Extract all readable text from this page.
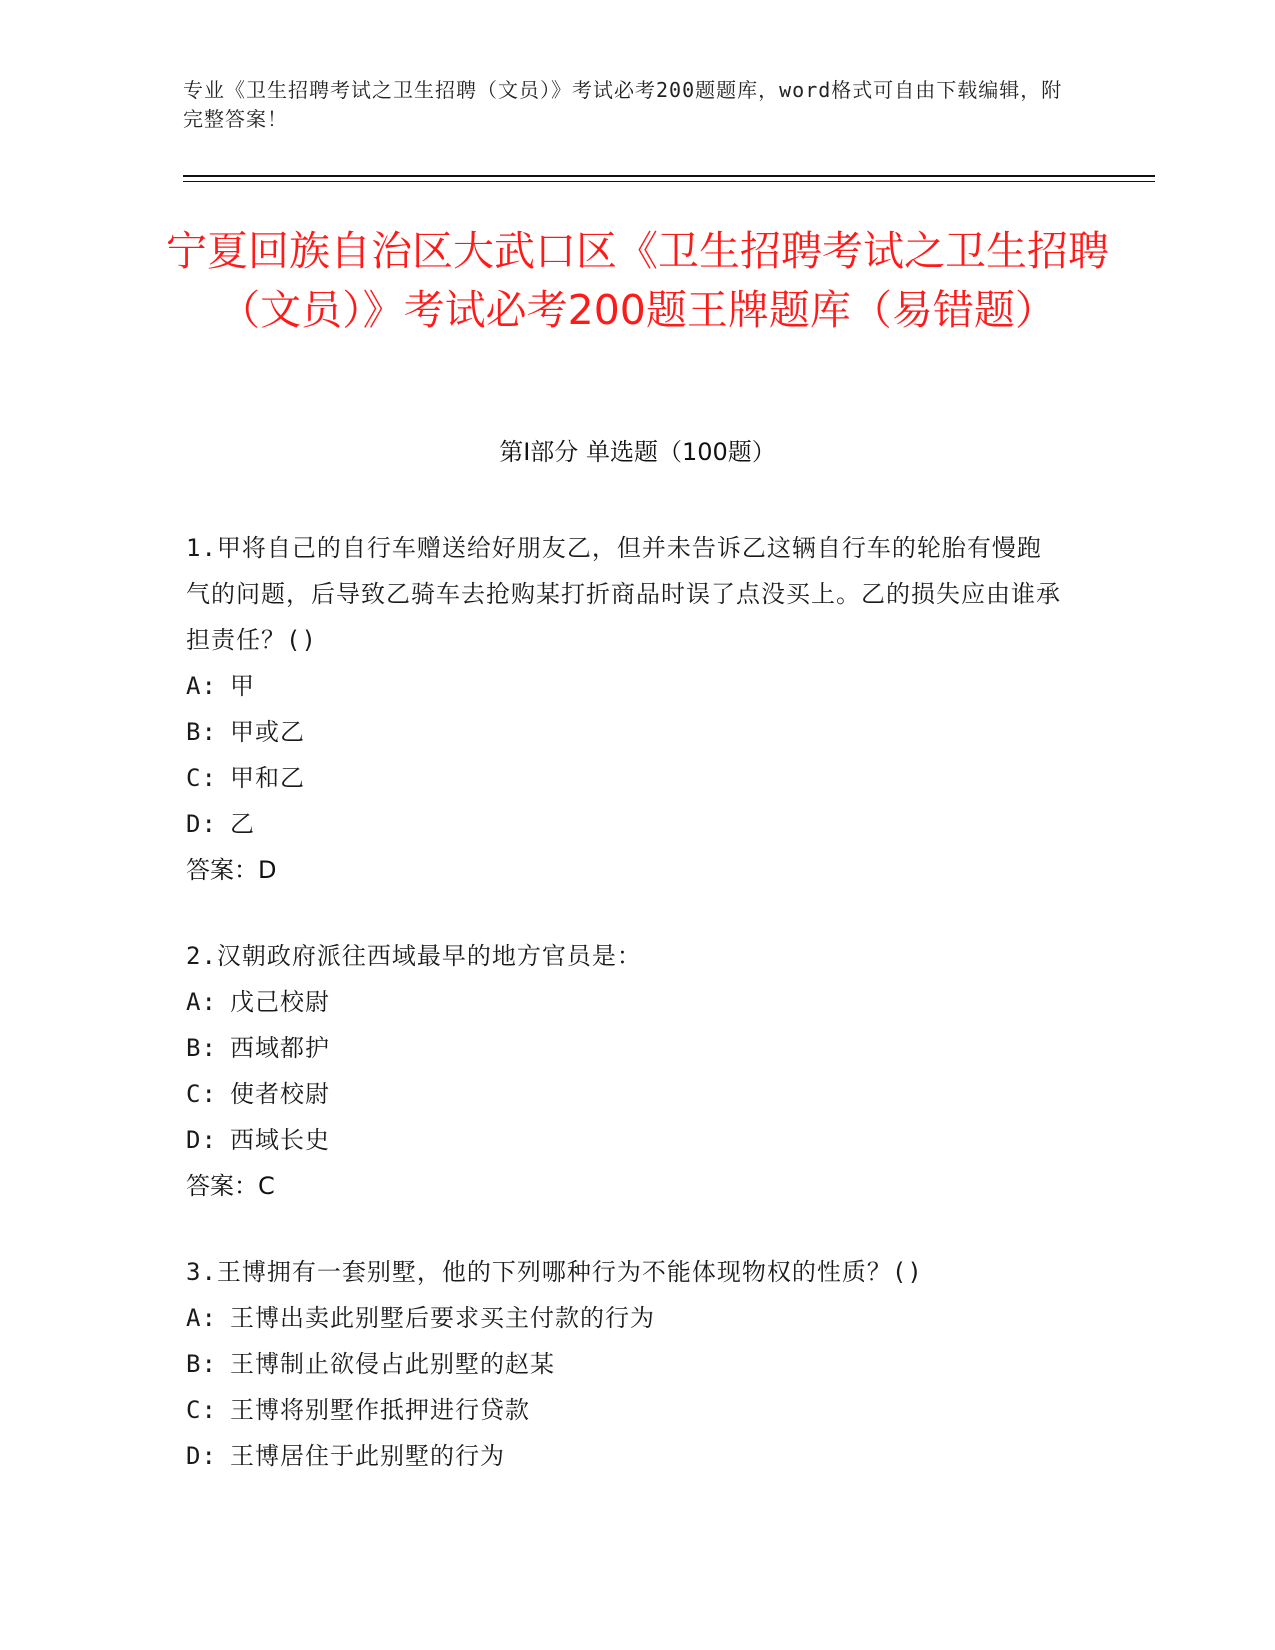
专业《卫生招聘考试之卫生招聘（文员）》考试必考200题题库，word格式可自由下载编辑，附完整答案！
宁夏回族自治区大武口区《卫生招聘考试之卫生招聘（文员）》考试必考200题王牌题库（易错题）
第Ⅰ部分 单选题（100题）
1.甲将自己的自行车赠送给好朋友乙，但并未告诉乙这辆自行车的轮胎有慢跑气的问题，后导致乙骑车去抢购某打折商品时误了点没买上。乙的损失应由谁承担责任？()
A: 甲
B: 甲或乙
C: 甲和乙
D: 乙
答案：D
2.汉朝政府派往西域最早的地方官员是：
A: 戊己校尉
B: 西域都护
C: 使者校尉
D: 西域长史
答案：C
3.王博拥有一套别墅，他的下列哪种行为不能体现物权的性质？()
A: 王博出卖此别墅后要求买主付款的行为
B: 王博制止欲侵占此别墅的赵某
C: 王博将别墅作抵押进行贷款
D: 王博居住于此别墅的行为
